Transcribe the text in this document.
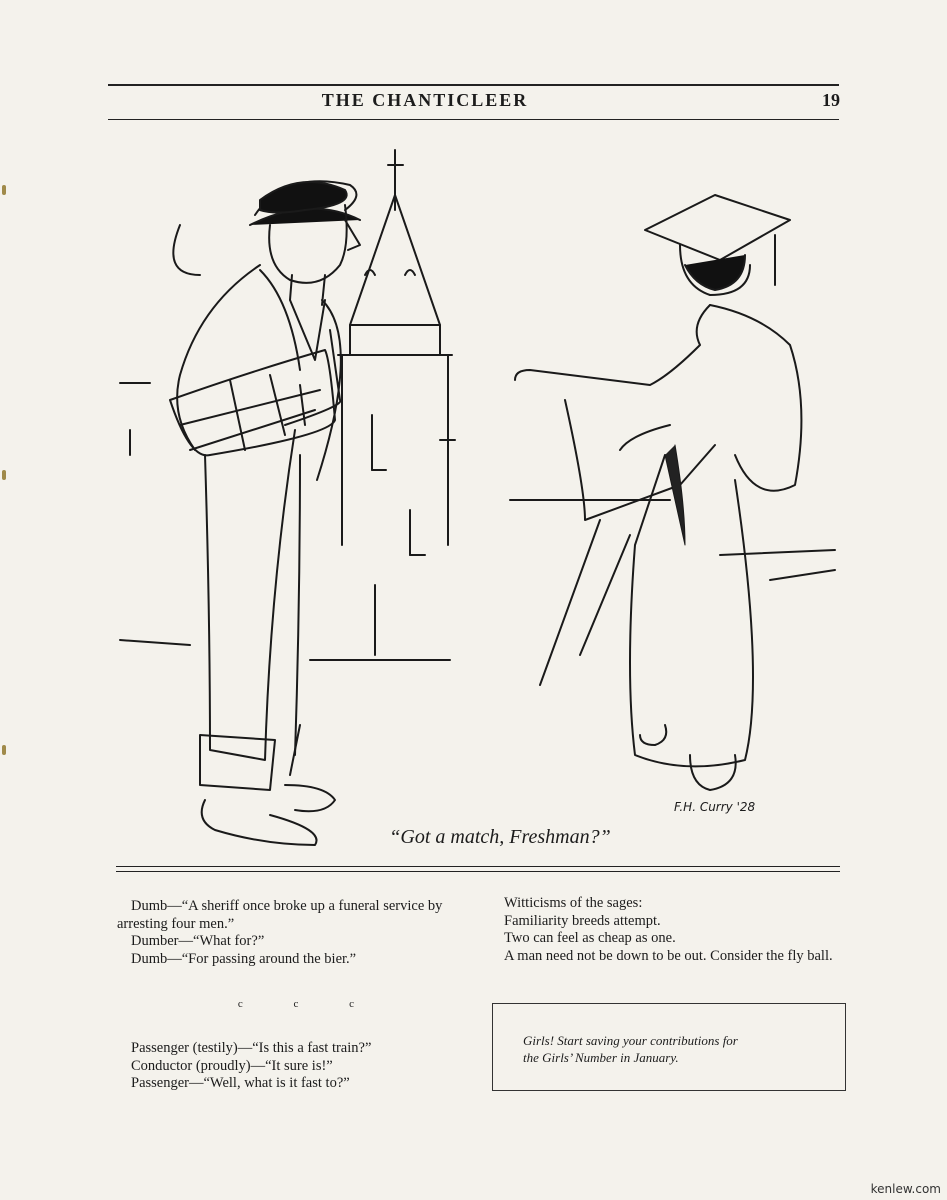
THE CHANTICLEER	19
F.H. Curry '28
“Got a match, Freshman?”

Dumb—“A sheriff once broke up a funeral service by arresting four men.”

Dumber—“What for?”

Dumb—“For passing around the bier.”

c c c

Passenger (testily)—“Is this a fast train?”

Conductor (proudly)—“It sure is!”

Passenger—“Well, what is it fast to?”

Witticisms of the sages:

Familiarity breeds attempt.

Two can feel as cheap as one.

A man need not be down to be out. Consider the fly ball.

Girls! Start saving your contributions for
the Girls’ Number in January.
kenlew.com
